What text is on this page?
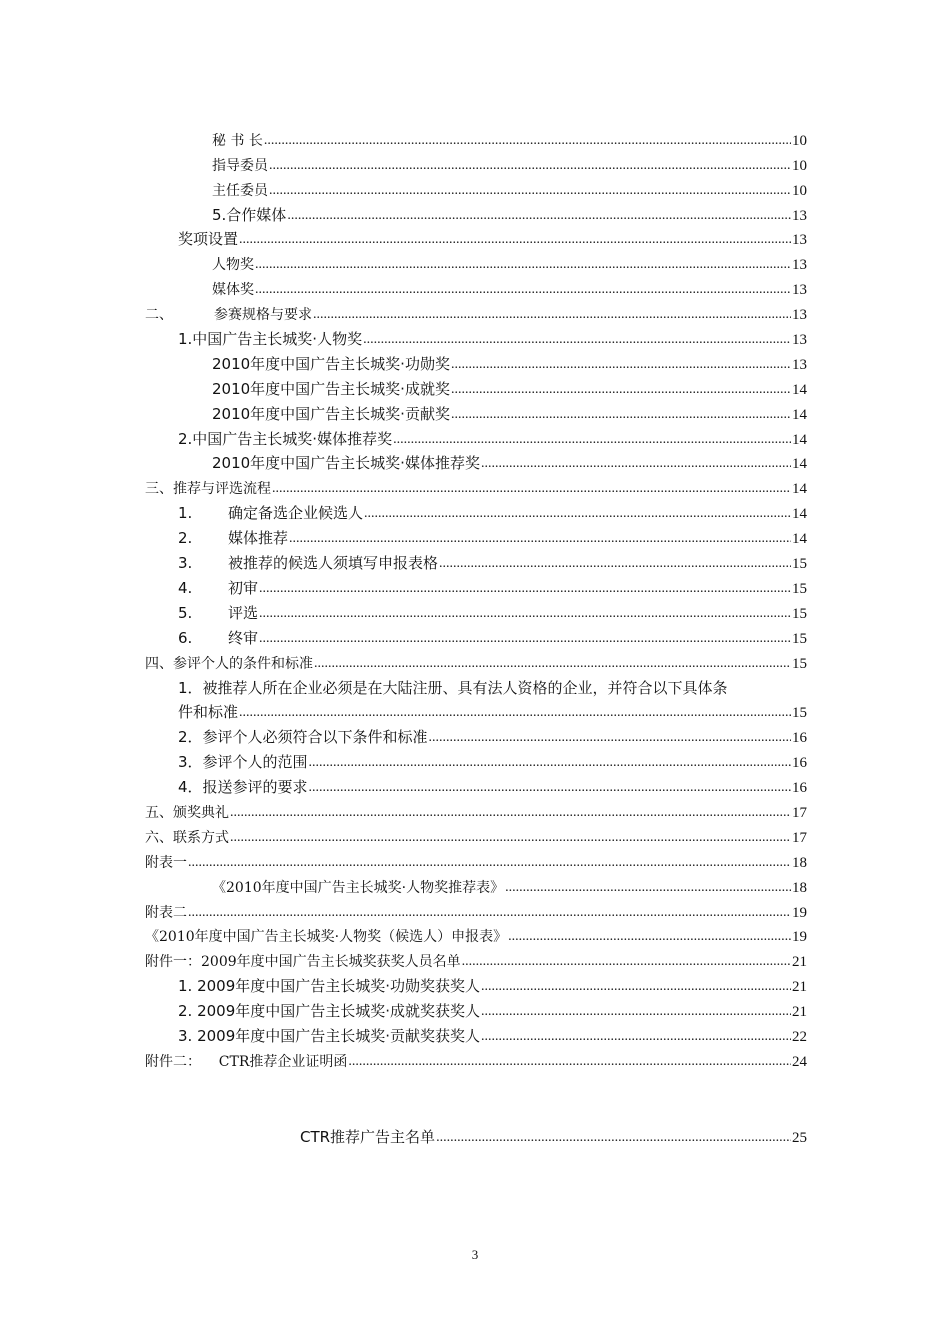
秘 书 长 .....	10
指导委员 .....	10
主任委员 .....	10
5.合作媒体 .....	13
奖项设置 .....	13
人物奖 .....	13
媒体奖 .....	13
二、	参赛规格与要求 .....	13
1.中国广告主长城奖·人物奖 .....	13
2010年度中国广告主长城奖·功勋奖 .....	13
2010年度中国广告主长城奖·成就奖 .....	14
2010年度中国广告主长城奖·贡献奖 .....	14
2.中国广告主长城奖·媒体推荐奖 .....	14
2010年度中国广告主长城奖·媒体推荐奖 .....	14
三、推荐与评选流程 .....	14
1. 确定备选企业候选人 .....	14
2. 媒体推荐 .....	14
3. 被推荐的候选人须填写申报表格 .....	15
4. 初审 .....	15
5. 评选 .....	15
6. 终审 .....	15
四、参评个人的条件和标准 .....	15
1．被推荐人所在企业必须是在大陆注册、具有法人资格的企业，并符合以下具体条
件和标准 .....	15
2．参评个人必须符合以下条件和标准 .....	16
3．参评个人的范围 .....	16
4．报送参评的要求 .....	16
五、颁奖典礼 .....	17
六、联系方式 .....	17
附表一 .....	18
《2010年度中国广告主长城奖·人物奖推荐表》 .....	18
附表二 .....	19
《2010年度中国广告主长城奖·人物奖（候选人）申报表》 .....	19
附件一：2009年度中国广告主长城奖获奖人员名单 .....	21
1. 2009年度中国广告主长城奖·功勋奖获奖人 .....	21
2. 2009年度中国广告主长城奖·成就奖获奖人 .....	21
3. 2009年度中国广告主长城奖·贡献奖获奖人 .....	22
附件二：    CTR推荐企业证明函 .....	24
CTR推荐广告主名单 .....	25
3
